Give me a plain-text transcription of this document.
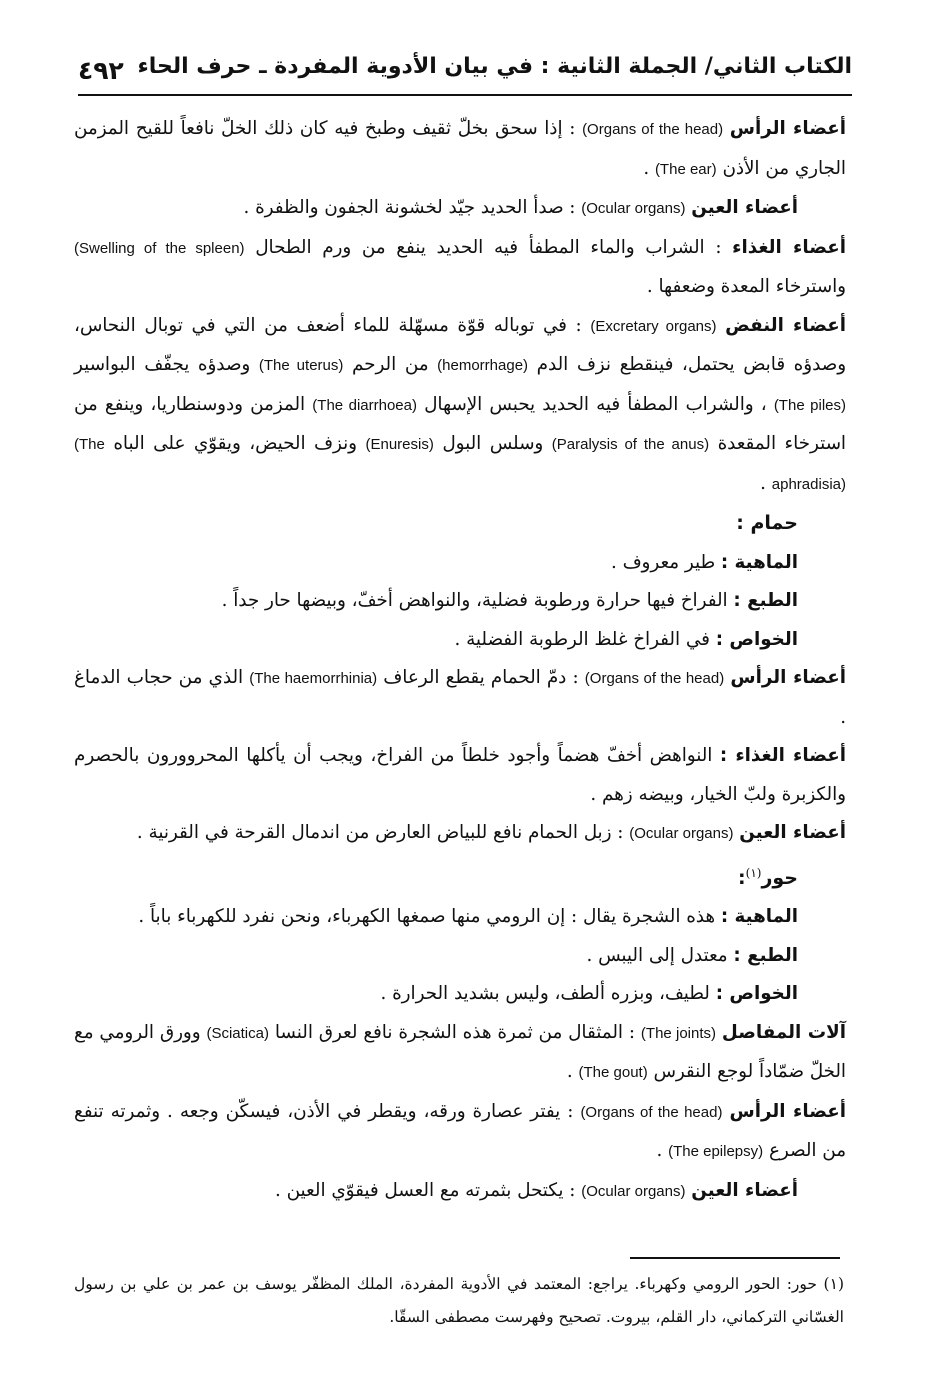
٤٩٢ الكتاب الثاني/ الجملة الثانية : في بيان الأدوية المفردة ـ حرف الحاء

أعضاء الرأس (Organs of the head) : إذا سحق بخلّ ثقيف وطبخ فيه كان ذلك الخلّ نافعاً للقيح المزمن الجاري من الأذن (The ear) .

أعضاء العين (Ocular organs) : صدأ الحديد جيّد لخشونة الجفون والظفرة .

أعضاء الغذاء : الشراب والماء المطفأ فيه الحديد ينفع من ورم الطحال (Swelling of the spleen) واسترخاء المعدة وضعفها .

أعضاء النفض (Excretary organs) : في توباله قوّة مسهّلة للماء أضعف من التي في توبال النحاس، وصدؤه قابض يحتمل، فينقطع نزف الدم (hemorrhage) من الرحم (The uterus) وصدؤه يجفّف البواسير (The piles) ، والشراب المطفأ فيه الحديد يحبس الإسهال (The diarrhoea) المزمن ودوسنطاريا، وينفع من استرخاء المقعدة (Paralysis of the anus) وسلس البول (Enuresis) ونزف الحيض، ويقوّي على الباه (The aphradisia) .

حمام :

الماهية : طير معروف .

الطبع : الفراخ فيها حرارة ورطوبة فضلية، والنواهض أخفّ، وبيضها حار جداً .

الخواص : في الفراخ غلظ الرطوبة الفضلية .

أعضاء الرأس (Organs of the head) : دمّ الحمام يقطع الرعاف (The haemorrhinia) الذي من حجاب الدماغ .

أعضاء الغذاء : النواهض أخفّ هضماً وأجود خلطاً من الفراخ، ويجب أن يأكلها المحروورون بالحصرم والكزبرة ولبّ الخيار، وبيضه زهم .

أعضاء العين (Ocular organs) : زبل الحمام نافع للبياض العارض من اندمال القرحة في القرنية .

حور$^{(١)}$:

الماهية : هذه الشجرة يقال : إن الرومي منها صمغها الكهرباء، ونحن نفرد للكهرباء باباً .

الطبع : معتدل إلى اليبس .

الخواص : لطيف، وبزره ألطف، وليس بشديد الحرارة .

آلات المفاصل (The joints) : المثقال من ثمرة هذه الشجرة نافع لعرق النسا (Sciatica) وورق الرومي مع الخلّ ضمّاداً لوجع النقرس (The gout) .

أعضاء الرأس (Organs of the head) : يفتر عصارة ورقه، ويقطر في الأذن، فيسكّن وجعه . وثمرته تنفع من الصرع (The epilepsy) .

أعضاء العين (Ocular organs) : يكتحل بثمرته مع العسل فيقوّي العين .

(١) حور: الحور الرومي وكهرباء. يراجع: المعتمد في الأدوية المفردة، الملك المظفّر يوسف بن عمر بن علي بن رسول الغسّاني التركماني، دار القلم، بيروت. تصحيح وفهرست مصطفى السقّا.
